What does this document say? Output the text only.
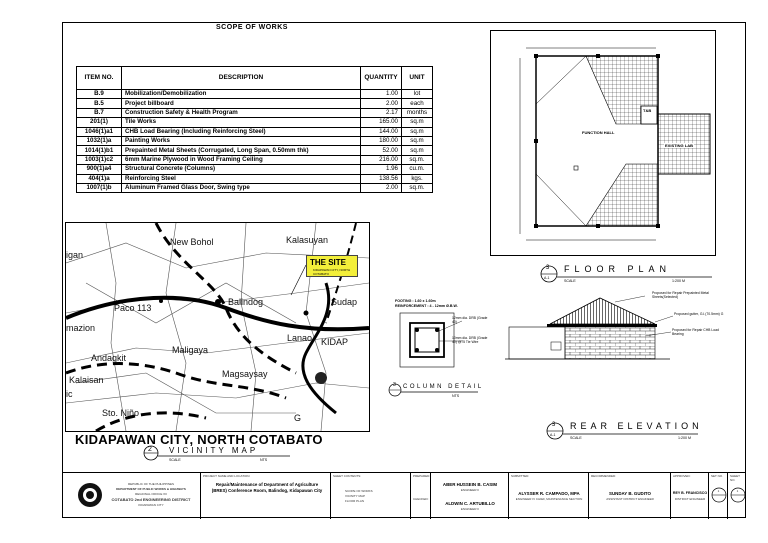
SCOPE OF WORKS
ITEM NO.	DESCRIPTION	QUANTITY	UNIT
B.9	Mobilization/Demobilization	1.00	lot
B.5	Project billboard	2.00	each
B.7	Construction Safety & Health Program	2.17	months
201(1)	Tile Works	165.00	sq.m
1046(1)a1	CHB Load Bearing (Including Reinforcing Steel)	144.00	sq.m
1032(1)a	Painting Works	180.00	sq.m
1014(1)b1	Prepainted Metal Sheets (Corrugated, Long Span, 0.50mm thk)	52.00	sq.m
1003(1)c2	6mm Marine Plywood in Wood Framing Ceiling	216.00	sq.m.
900(1)a4	Structural Concrete (Columns)	1.96	cu.m.
404(1)a	Reinforcing Steel	138.56	kgs.
1007(1)b	Aluminum Framed Glass Door, Swing type	2.00	sq.m.
New Bohol	Kalasuyan
igan
Paco 113
Balindog	Sudap
mazion
Lanao KIDAP
Andagkit
Maligaya
Kalaisan
Magsaysay
Sto. Niño	G
ic
THE SITE
KIDAPAWAN CITY, NORTH COTABATO
KIDAPAWAN CITY, NORTH COTABATO
2 VICINITY MAP
SCALE	NTS
FUNCTION HALL
T&B
EXISTING LAB
3
A-1
FLOOR PLAN
SCALE	1:200 M
FOOTING : 1.60 x 1.60m
REINFORCEMENT : 4 - 12mm Ø.B.W.
12mm dia. DRB (Grade 40)
10mm dia. DRB (Grade 40) @75 Tie Wire
3 COLUMN DETAIL
NTS
Proposed for Repair Prepainted Metal Sheets(Selected)
Proposed gutter, G.I.(70.5mm) G
Proposed for Repair CHB Load Bearing
3
A-1
REAR ELEVATION
SCALE	1:200 M
REPUBLIC OF THE PHILIPPINES
DEPARTMENT OF PUBLIC WORKS & HIGHWAYS
REGIONAL OFFICE XII
COTABATO 2nd ENGINEERING DISTRICT
KIDAPAWAN CITY
PROJECT NAME AND LOCATION:
Repair/Maintenance of Department of Agriculture (BRES) Conference Room, Balindog, Kidapawan City
SHEET CONTENTS:
SCOPE OF WORKS
VICINITY MAP
FLOOR PLAN
PREPARED:
CHECKED:
ABER HUSSEIN B. CASIM
ENGINEER II
ALDWIN C. ARTUBILLO
ENGINEER II
SUBMITTED:
ALYSSER R. CAMPADO, MPA
ENGINEER IV CHIEF, MAINTENANCE SECTION
RECOMMENDED:
SUNDAY B. GUDITO
ASSISTANT DISTRICT ENGINEER
APPROVED:
REY B. FRANCISCO
DISTRICT ENGINEER
SET NO.
1
SHEET NO.
1
